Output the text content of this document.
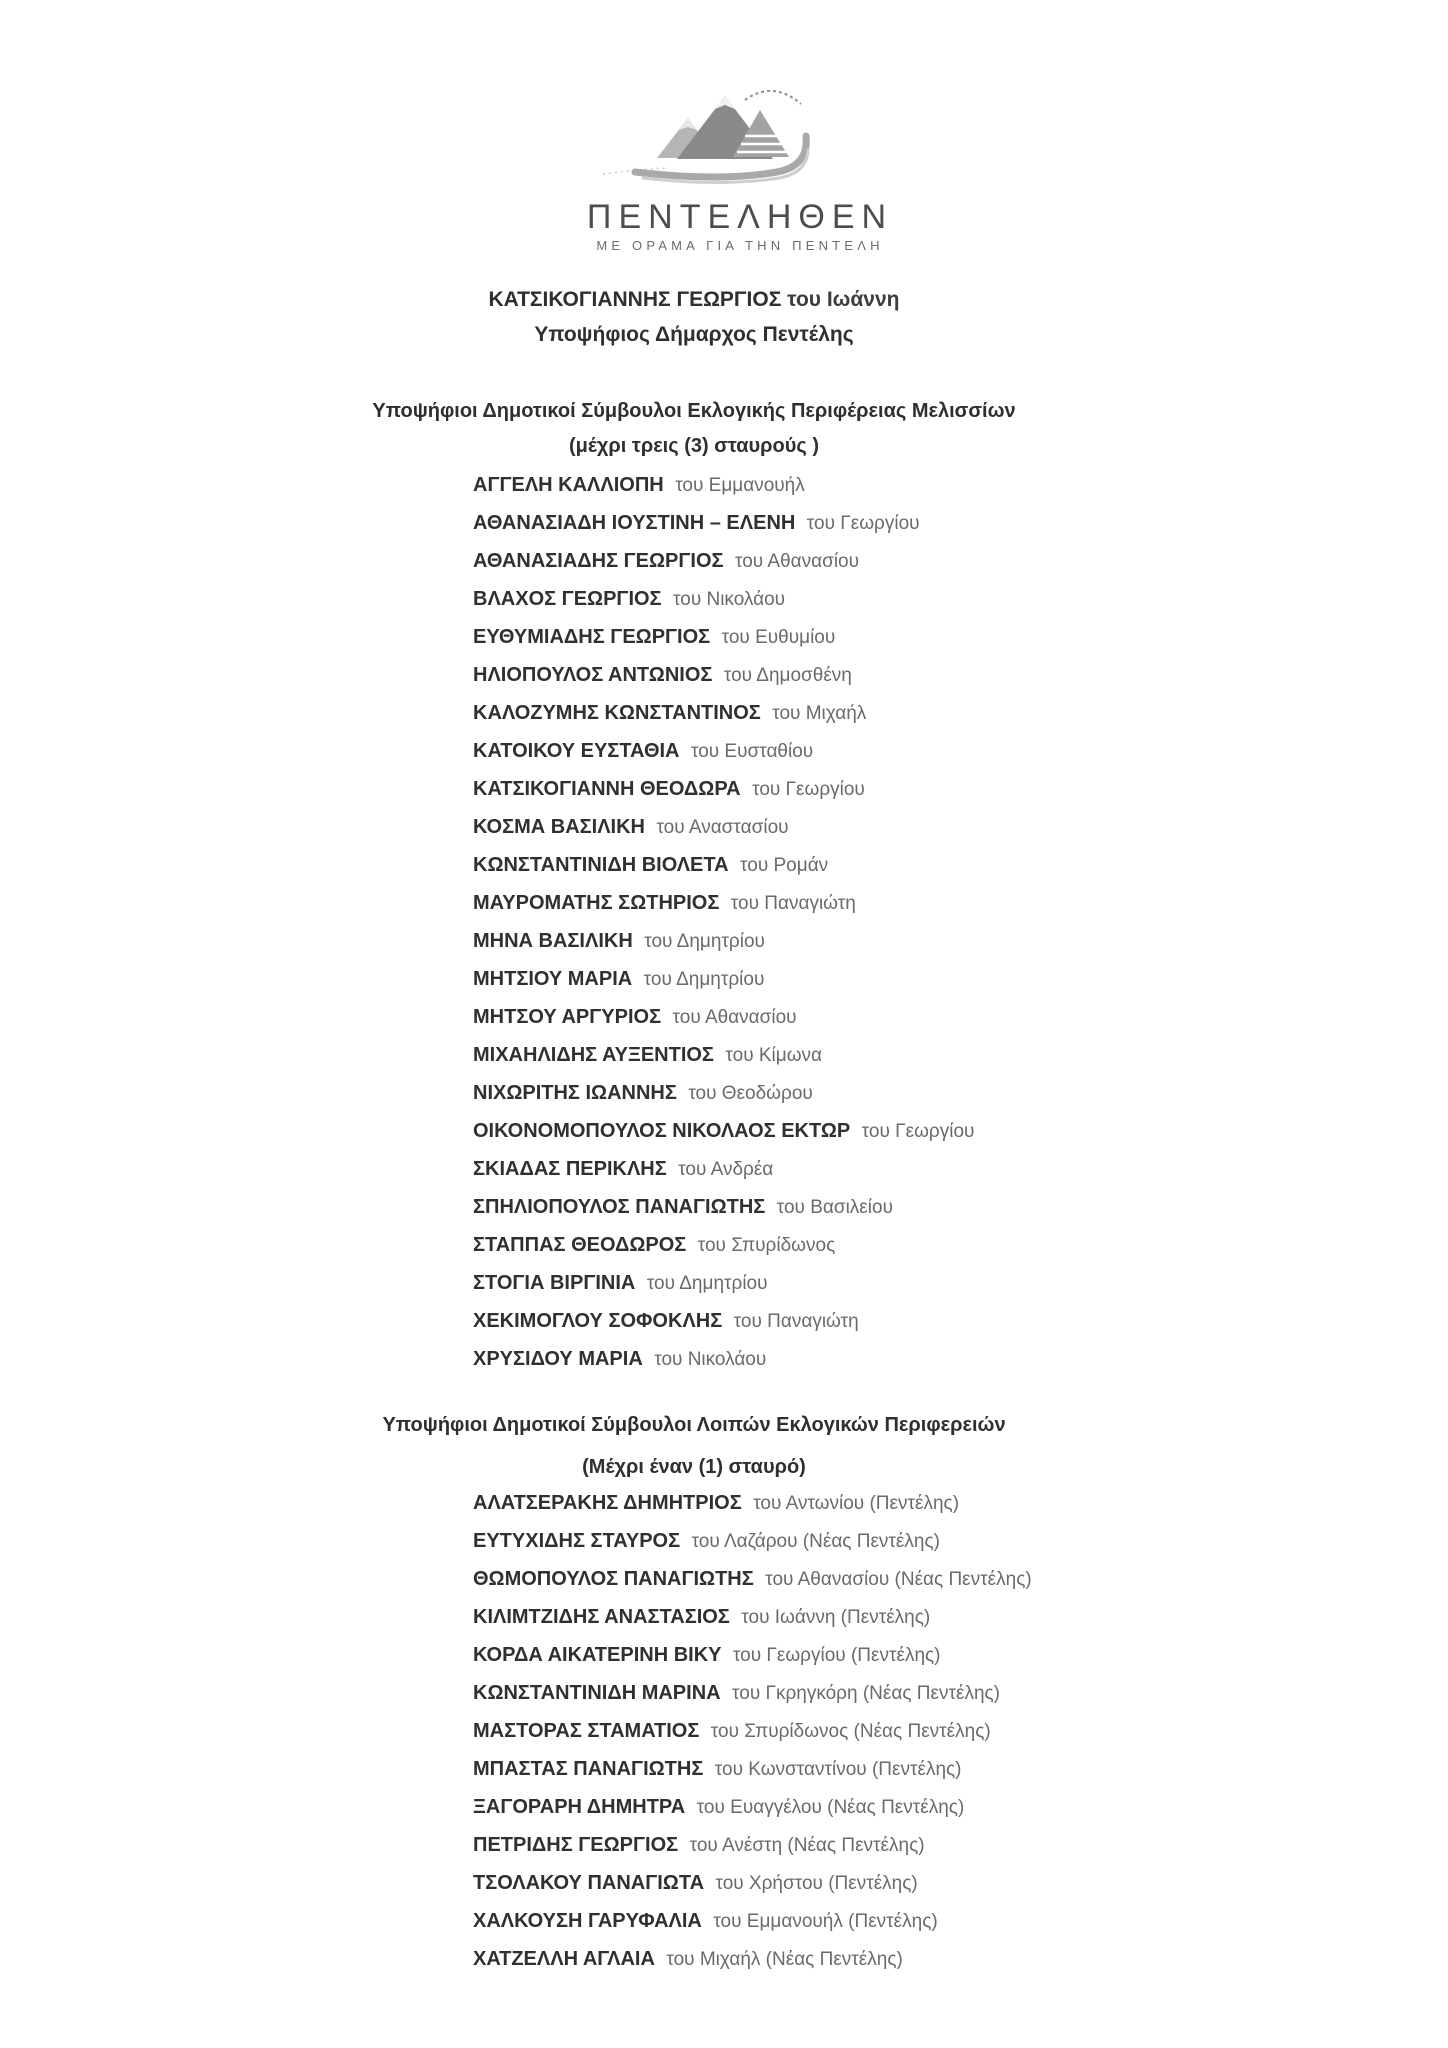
ΠΕΝΤΕΛΗΘΕΝ
ΜΕ ΟΡΑΜΑ ΓΙΑ ΤΗΝ ΠΕΝΤΕΛΗ
ΚΑΤΣΙΚΟΓΙΑΝΝΗΣ ΓΕΩΡΓΙΟΣ του Ιωάννη
Υποψήφιος Δήμαρχος Πεντέλης
Υποψήφιοι Δημοτικοί Σύμβουλοι Εκλογικής Περιφέρειας Μελισσίων
(μέχρι τρεις (3) σταυρούς )
ΑΓΓΕΛΗ ΚΑΛΛΙΟΠΗ του Εμμανουήλ
ΑΘΑΝΑΣΙΑΔΗ ΙΟΥΣΤΙΝΗ – ΕΛΕΝΗ του Γεωργίου
ΑΘΑΝΑΣΙΑΔΗΣ ΓΕΩΡΓΙΟΣ του Αθανασίου
ΒΛΑΧΟΣ ΓΕΩΡΓΙΟΣ του Νικολάου
ΕΥΘΥΜΙΑΔΗΣ ΓΕΩΡΓΙΟΣ του Ευθυμίου
ΗΛΙΟΠΟΥΛΟΣ ΑΝΤΩΝΙΟΣ του Δημοσθένη
ΚΑΛΟΖΥΜΗΣ ΚΩΝΣΤΑΝΤΙΝΟΣ του Μιχαήλ
ΚΑΤΟΙΚΟΥ ΕΥΣΤΑΘΙΑ του Ευσταθίου
ΚΑΤΣΙΚΟΓΙΑΝΝΗ ΘΕΟΔΩΡΑ του Γεωργίου
ΚΟΣΜΑ ΒΑΣΙΛΙΚΗ του Αναστασίου
ΚΩΝΣΤΑΝΤΙΝΙΔΗ ΒΙΟΛΕΤΑ του Ρομάν
ΜΑΥΡΟΜΑΤΗΣ ΣΩΤΗΡΙΟΣ του Παναγιώτη
ΜΗΝΑ ΒΑΣΙΛΙΚΗ του Δημητρίου
ΜΗΤΣΙΟΥ ΜΑΡΙΑ του Δημητρίου
ΜΗΤΣΟΥ ΑΡΓΥΡΙΟΣ του Αθανασίου
ΜΙΧΑΗΛΙΔΗΣ ΑΥΞΕΝΤΙΟΣ του Κίμωνα
ΝΙΧΩΡΙΤΗΣ ΙΩΑΝΝΗΣ του Θεοδώρου
ΟΙΚΟΝΟΜΟΠΟΥΛΟΣ ΝΙΚΟΛΑΟΣ ΕΚΤΩΡ του Γεωργίου
ΣΚΙΑΔΑΣ ΠΕΡΙΚΛΗΣ του Ανδρέα
ΣΠΗΛΙΟΠΟΥΛΟΣ ΠΑΝΑΓΙΩΤΗΣ του Βασιλείου
ΣΤΑΠΠΑΣ ΘΕΟΔΩΡΟΣ του Σπυρίδωνος
ΣΤΟΓΙΑ ΒΙΡΓΙΝΙΑ του Δημητρίου
ΧΕΚΙΜΟΓΛΟΥ ΣΟΦΟΚΛΗΣ του Παναγιώτη
ΧΡΥΣΙΔΟΥ ΜΑΡΙΑ του Νικολάου
Υποψήφιοι Δημοτικοί Σύμβουλοι Λοιπών Εκλογικών Περιφερειών
(Μέχρι έναν (1) σταυρό)
ΑΛΑΤΣΕΡΑΚΗΣ ΔΗΜΗΤΡΙΟΣ του Αντωνίου (Πεντέλης)
ΕΥΤΥΧΙΔΗΣ ΣΤΑΥΡΟΣ του Λαζάρου (Νέας Πεντέλης)
ΘΩΜΟΠΟΥΛΟΣ ΠΑΝΑΓΙΩΤΗΣ του Αθανασίου (Νέας Πεντέλης)
ΚΙΛΙΜΤΖΙΔΗΣ ΑΝΑΣΤΑΣΙΟΣ του Ιωάννη (Πεντέλης)
ΚΟΡΔΑ ΑΙΚΑΤΕΡΙΝΗ ΒΙΚΥ του Γεωργίου (Πεντέλης)
ΚΩΝΣΤΑΝΤΙΝΙΔΗ ΜΑΡΙΝΑ του Γκρηγκόρη (Νέας Πεντέλης)
ΜΑΣΤΟΡΑΣ ΣΤΑΜΑΤΙΟΣ του Σπυρίδωνος (Νέας Πεντέλης)
ΜΠΑΣΤΑΣ ΠΑΝΑΓΙΩΤΗΣ του Κωνσταντίνου (Πεντέλης)
ΞΑΓΟΡΑΡΗ ΔΗΜΗΤΡΑ του Ευαγγέλου (Νέας Πεντέλης)
ΠΕΤΡΙΔΗΣ ΓΕΩΡΓΙΟΣ του Ανέστη (Νέας Πεντέλης)
ΤΣΟΛΑΚΟΥ ΠΑΝΑΓΙΩΤΑ του Χρήστου (Πεντέλης)
ΧΑΛΚΟΥΣΗ ΓΑΡΥΦΑΛΙΑ του Εμμανουήλ (Πεντέλης)
ΧΑΤΖΕΛΛΗ ΑΓΛΑΙΑ του Μιχαήλ (Νέας Πεντέλης)
